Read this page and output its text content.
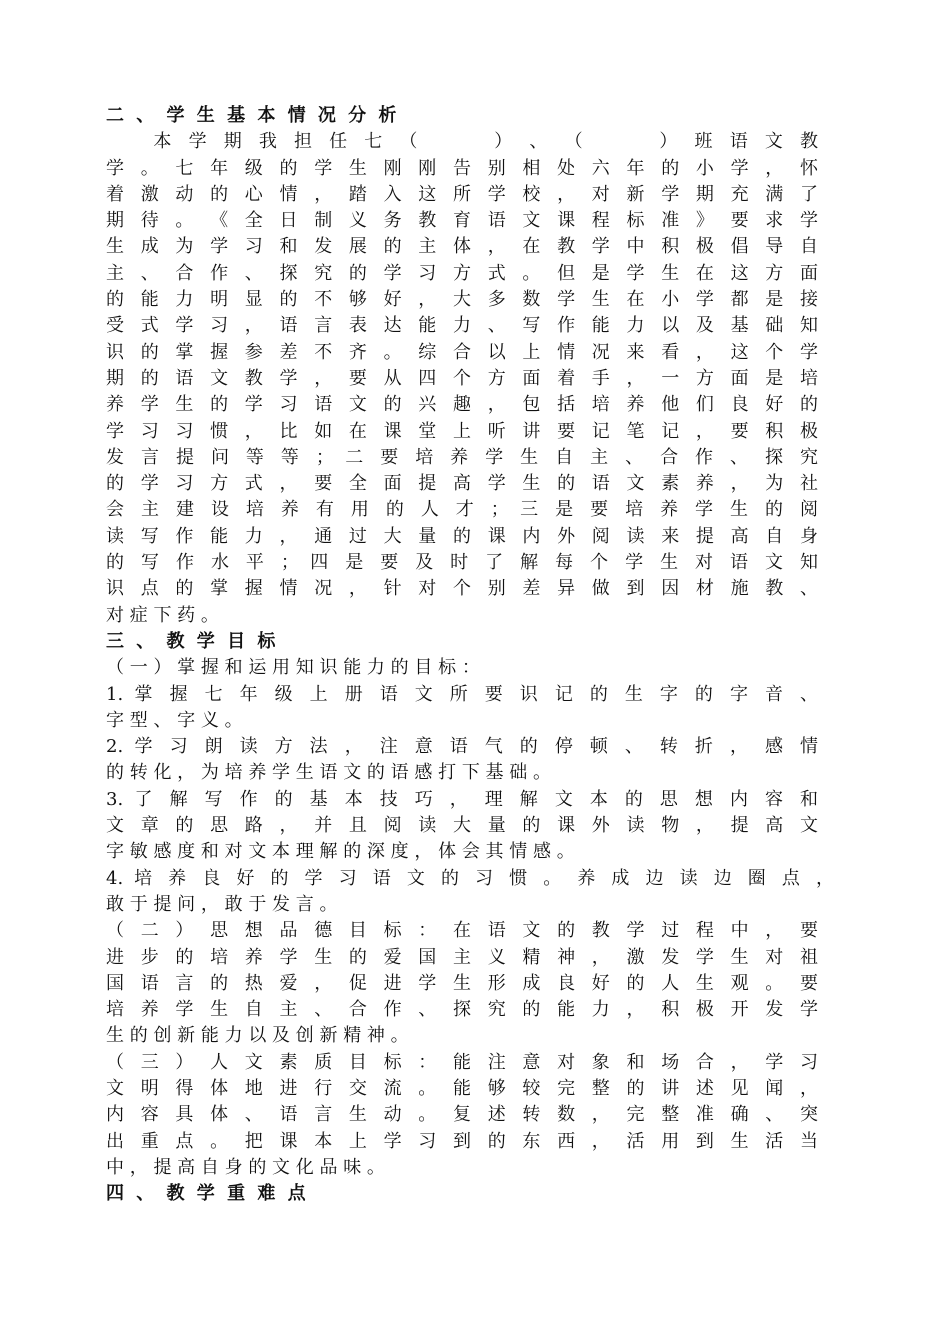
二 、 学 生 基 本 情 况 分 析
　　本 学 期 我 担 任 七 （　　　） 、 （　　　） 班 语 文 教
学 。 七 年 级 的 学 生 刚 刚 告 别 相 处 六 年 的 小 学 ， 怀
着 激 动 的 心 情 ， 踏 入 这 所 学 校 ， 对 新 学 期 充 满 了
期 待 。 《 全 日 制 义 务 教 育 语 文 课 程 标 准 》 要 求 学
生 成 为 学 习 和 发 展 的 主 体 ， 在 教 学 中 积 极 倡 导 自
主 、 合 作 、 探 究 的 学 习 方 式 。 但 是 学 生 在 这 方 面
的 能 力 明 显 的 不 够 好 ， 大 多 数 学 生 在 小 学 都 是 接
受 式 学 习 ， 语 言 表 达 能 力 、 写 作 能 力 以 及 基 础 知
识 的 掌 握 参 差 不 齐 。 综 合 以 上 情 况 来 看 ， 这 个 学
期 的 语 文 教 学 ， 要 从 四 个 方 面 着 手 ， 一 方 面 是 培
养 学 生 的 学 习 语 文 的 兴 趣 ， 包 括 培 养 他 们 良 好 的
学 习 习 惯 ， 比 如 在 课 堂 上 听 讲 要 记 笔 记 ， 要 积 极
发 言 提 问 等 等 ； 二 要 培 养 学 生 自 主 、 合 作 、 探 究
的 学 习 方 式 ， 要 全 面 提 高 学 生 的 语 文 素 养 ， 为 社
会 主 建 设 培 养 有 用 的 人 才 ； 三 是 要 培 养 学 生 的 阅
读 写 作 能 力 ， 通 过 大 量 的 课 内 外 阅 读 来 提 高 自 身
的 写 作 水 平 ； 四 是 要 及 时 了 解 每 个 学 生 对 语 文 知
识 点 的 掌 握 情 况 ， 针 对 个 别 差 异 做 到 因 材 施 教 、
对 症 下 药 。
三 、 教 学 目 标
（ 一 ） 掌 握 和 运 用 知 识 能 力 的 目 标 ：
1. 掌 握 七 年 级 上 册 语 文 所 要 识 记 的 生 字 的 字 音 、
字 型 、 字 义 。
2. 学 习 朗 读 方 法 ， 注 意 语 气 的 停 顿 、 转 折 ， 感 情
的 转 化 ， 为 培 养 学 生 语 文 的 语 感 打 下 基 础 。
3. 了 解 写 作 的 基 本 技 巧 ， 理 解 文 本 的 思 想 内 容 和
文 章 的 思 路 ， 并 且 阅 读 大 量 的 课 外 读 物 ， 提 高 文
字 敏 感 度 和 对 文 本 理 解 的 深 度 ， 体 会 其 情 感 。
4. 培 养 良 好 的 学 习 语 文 的 习 惯 。 养 成 边 读 边 圈 点 ，
敢 于 提 问 ， 敢 于 发 言 。
（ 二 ） 思 想 品 德 目 标 ： 在 语 文 的 教 学 过 程 中 ， 要
进 步 的 培 养 学 生 的 爱 国 主 义 精 神 ， 激 发 学 生 对 祖
国 语 言 的 热 爱 ， 促 进 学 生 形 成 良 好 的 人 生 观 。 要
培 养 学 生 自 主 、 合 作 、 探 究 的 能 力 ， 积 极 开 发 学
生 的 创 新 能 力 以 及 创 新 精 神 。
（ 三 ） 人 文 素 质 目 标 ： 能 注 意 对 象 和 场 合 ， 学 习
文 明 得 体 地 进 行 交 流 。 能 够 较 完 整 的 讲 述 见 闻 ，
内 容 具 体 、 语 言 生 动 。 复 述 转 数 ， 完 整 准 确 、 突
出 重 点 。 把 课 本 上 学 习 到 的 东 西 ， 活 用 到 生 活 当
中 ， 提 高 自 身 的 文 化 品 味 。
四 、 教 学 重 难 点
